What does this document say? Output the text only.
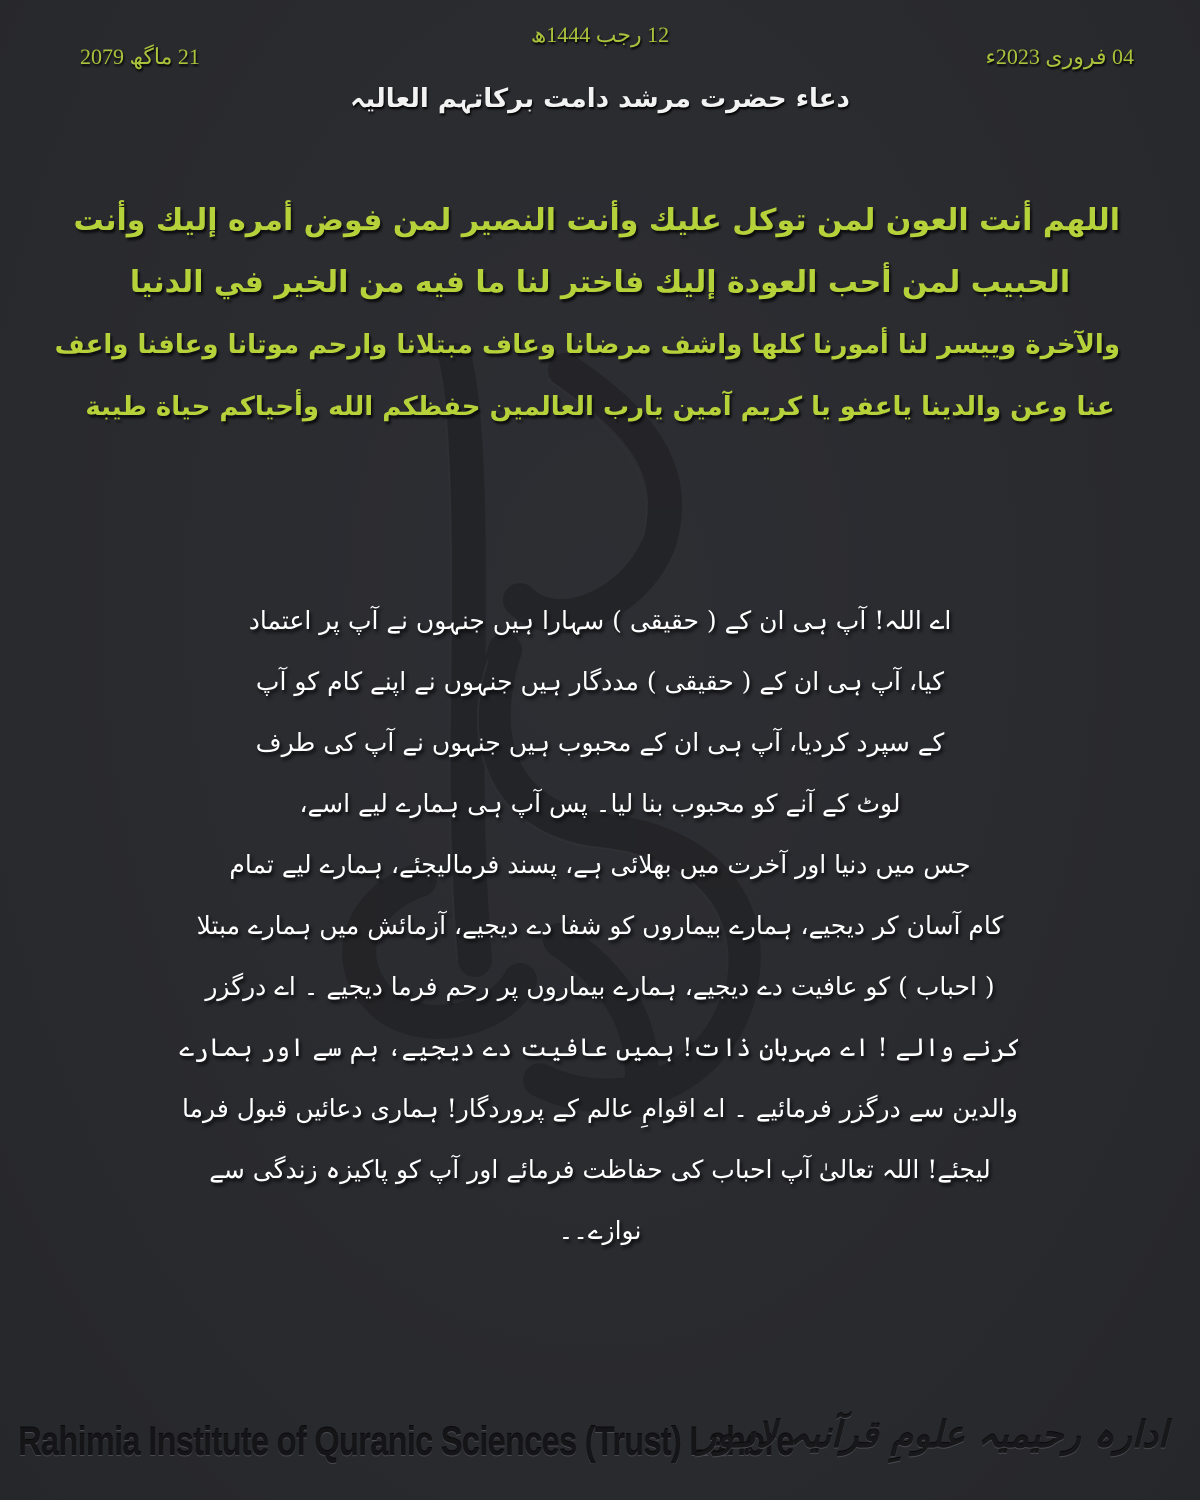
12 رجب 1444ھ
04 فروری 2023ء
21 ماگھ 2079
دعاء حضرت مرشد دامت برکاتہم العالیہ
اللهم أنت العون لمن توكل عليك وأنت النصير لمن فوض أمره إليك وأنت
الحبيب لمن أحب العودة إليك فاختر لنا ما فيه من الخير في الدنيا
والآخرة وييسر لنا أمورنا كلها واشف مرضانا وعاف مبتلانا وارحم موتانا وعافنا واعف
عنا وعن والدينا ياعفو يا كريم آمين يارب العالمين حفظكم الله وأحياكم حياة طيبة
اے اللہ! آپ ہی ان کے ( حقیقی ) سہارا ہیں جنہوں نے آپ پر اعتماد
کیا، آپ ہی ان کے ( حقیقی ) مددگار ہیں جنہوں نے اپنے کام کو آپ
کے سپرد کردیا، آپ ہی ان کے محبوب ہیں جنہوں نے آپ کی طرف
لوٹ کے آنے کو محبوب بنا لیا۔ پس آپ ہی ہمارے لیے اسے،
جس میں دنیا اور آخرت میں بھلائی ہے، پسند فرمالیجئے، ہمارے لیے تمام
کام آسان کر دیجیے، ہمارے بیماروں کو شفا دے دیجیے، آزمائش میں ہمارے مبتلا
( احباب ) کو عافیت دے دیجیے، ہمارے بیماروں پر رحم فرما دیجیے ۔ اے درگزر
کرنے والے ! اے مہربان ذات! ہمیں عافیت دے دیجیے، ہم سے اور ہمارے
والدین سے درگزر فرمائیے ۔ اے اقوامِ عالم کے پروردگار! ہماری دعائیں قبول فرما
لیجئے! اللہ تعالیٰ آپ احباب کی حفاظت فرمائے اور آپ کو پاکیزہ زندگی سے
نوازے۔۔
Rahimia Institute of Quranic Sciences (Trust) Lahore
ادارہ رحیمیہ علومِ قرآنیہ لاہور
